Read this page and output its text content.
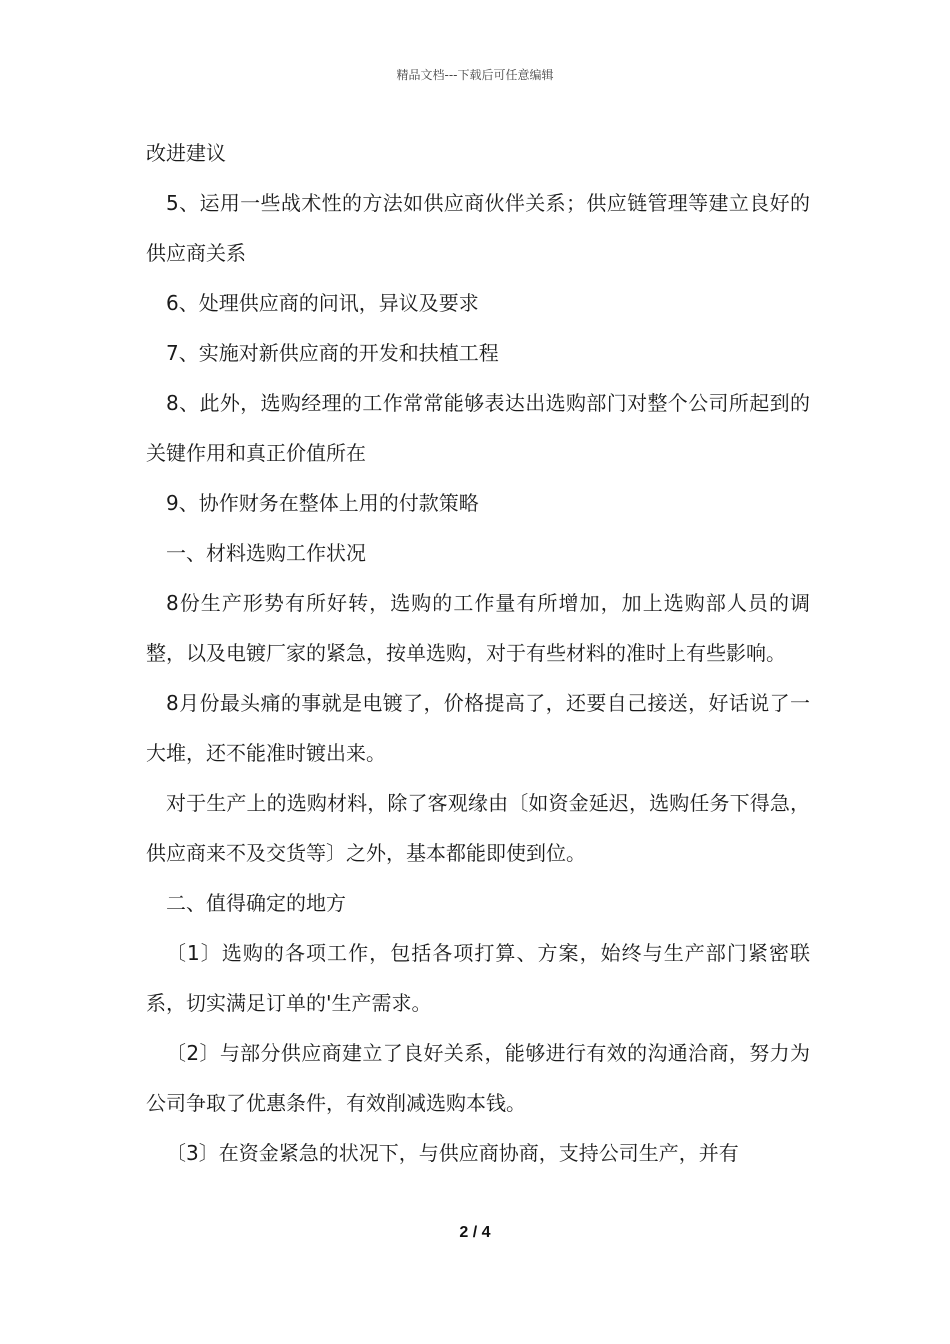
精品文档---下载后可任意编辑

改进建议

5、运用一些战术性的方法如供应商伙伴关系；供应链管理等建立良好的供应商关系

6、处理供应商的问讯，异议及要求

7、实施对新供应商的开发和扶植工程

8、此外，选购经理的工作常常能够表达出选购部门对整个公司所起到的关键作用和真正价值所在

9、协作财务在整体上用的付款策略

一、材料选购工作状况

8份生产形势有所好转，选购的工作量有所增加，加上选购部人员的调整，以及电镀厂家的紧急，按单选购，对于有些材料的准时上有些影响。

8月份最头痛的事就是电镀了，价格提高了，还要自己接送，好话说了一大堆，还不能准时镀出来。

对于生产上的选购材料，除了客观缘由〔如资金延迟，选购任务下得急，供应商来不及交货等〕之外，基本都能即使到位。

二、值得确定的地方

〔1〕选购的各项工作，包括各项打算、方案，始终与生产部门紧密联系，切实满足订单的'生产需求。

〔2〕与部分供应商建立了良好关系，能够进行有效的沟通洽商，努力为公司争取了优惠条件，有效削减选购本钱。

〔3〕在资金紧急的状况下，与供应商协商，支持公司生产，并有

2 / 4
